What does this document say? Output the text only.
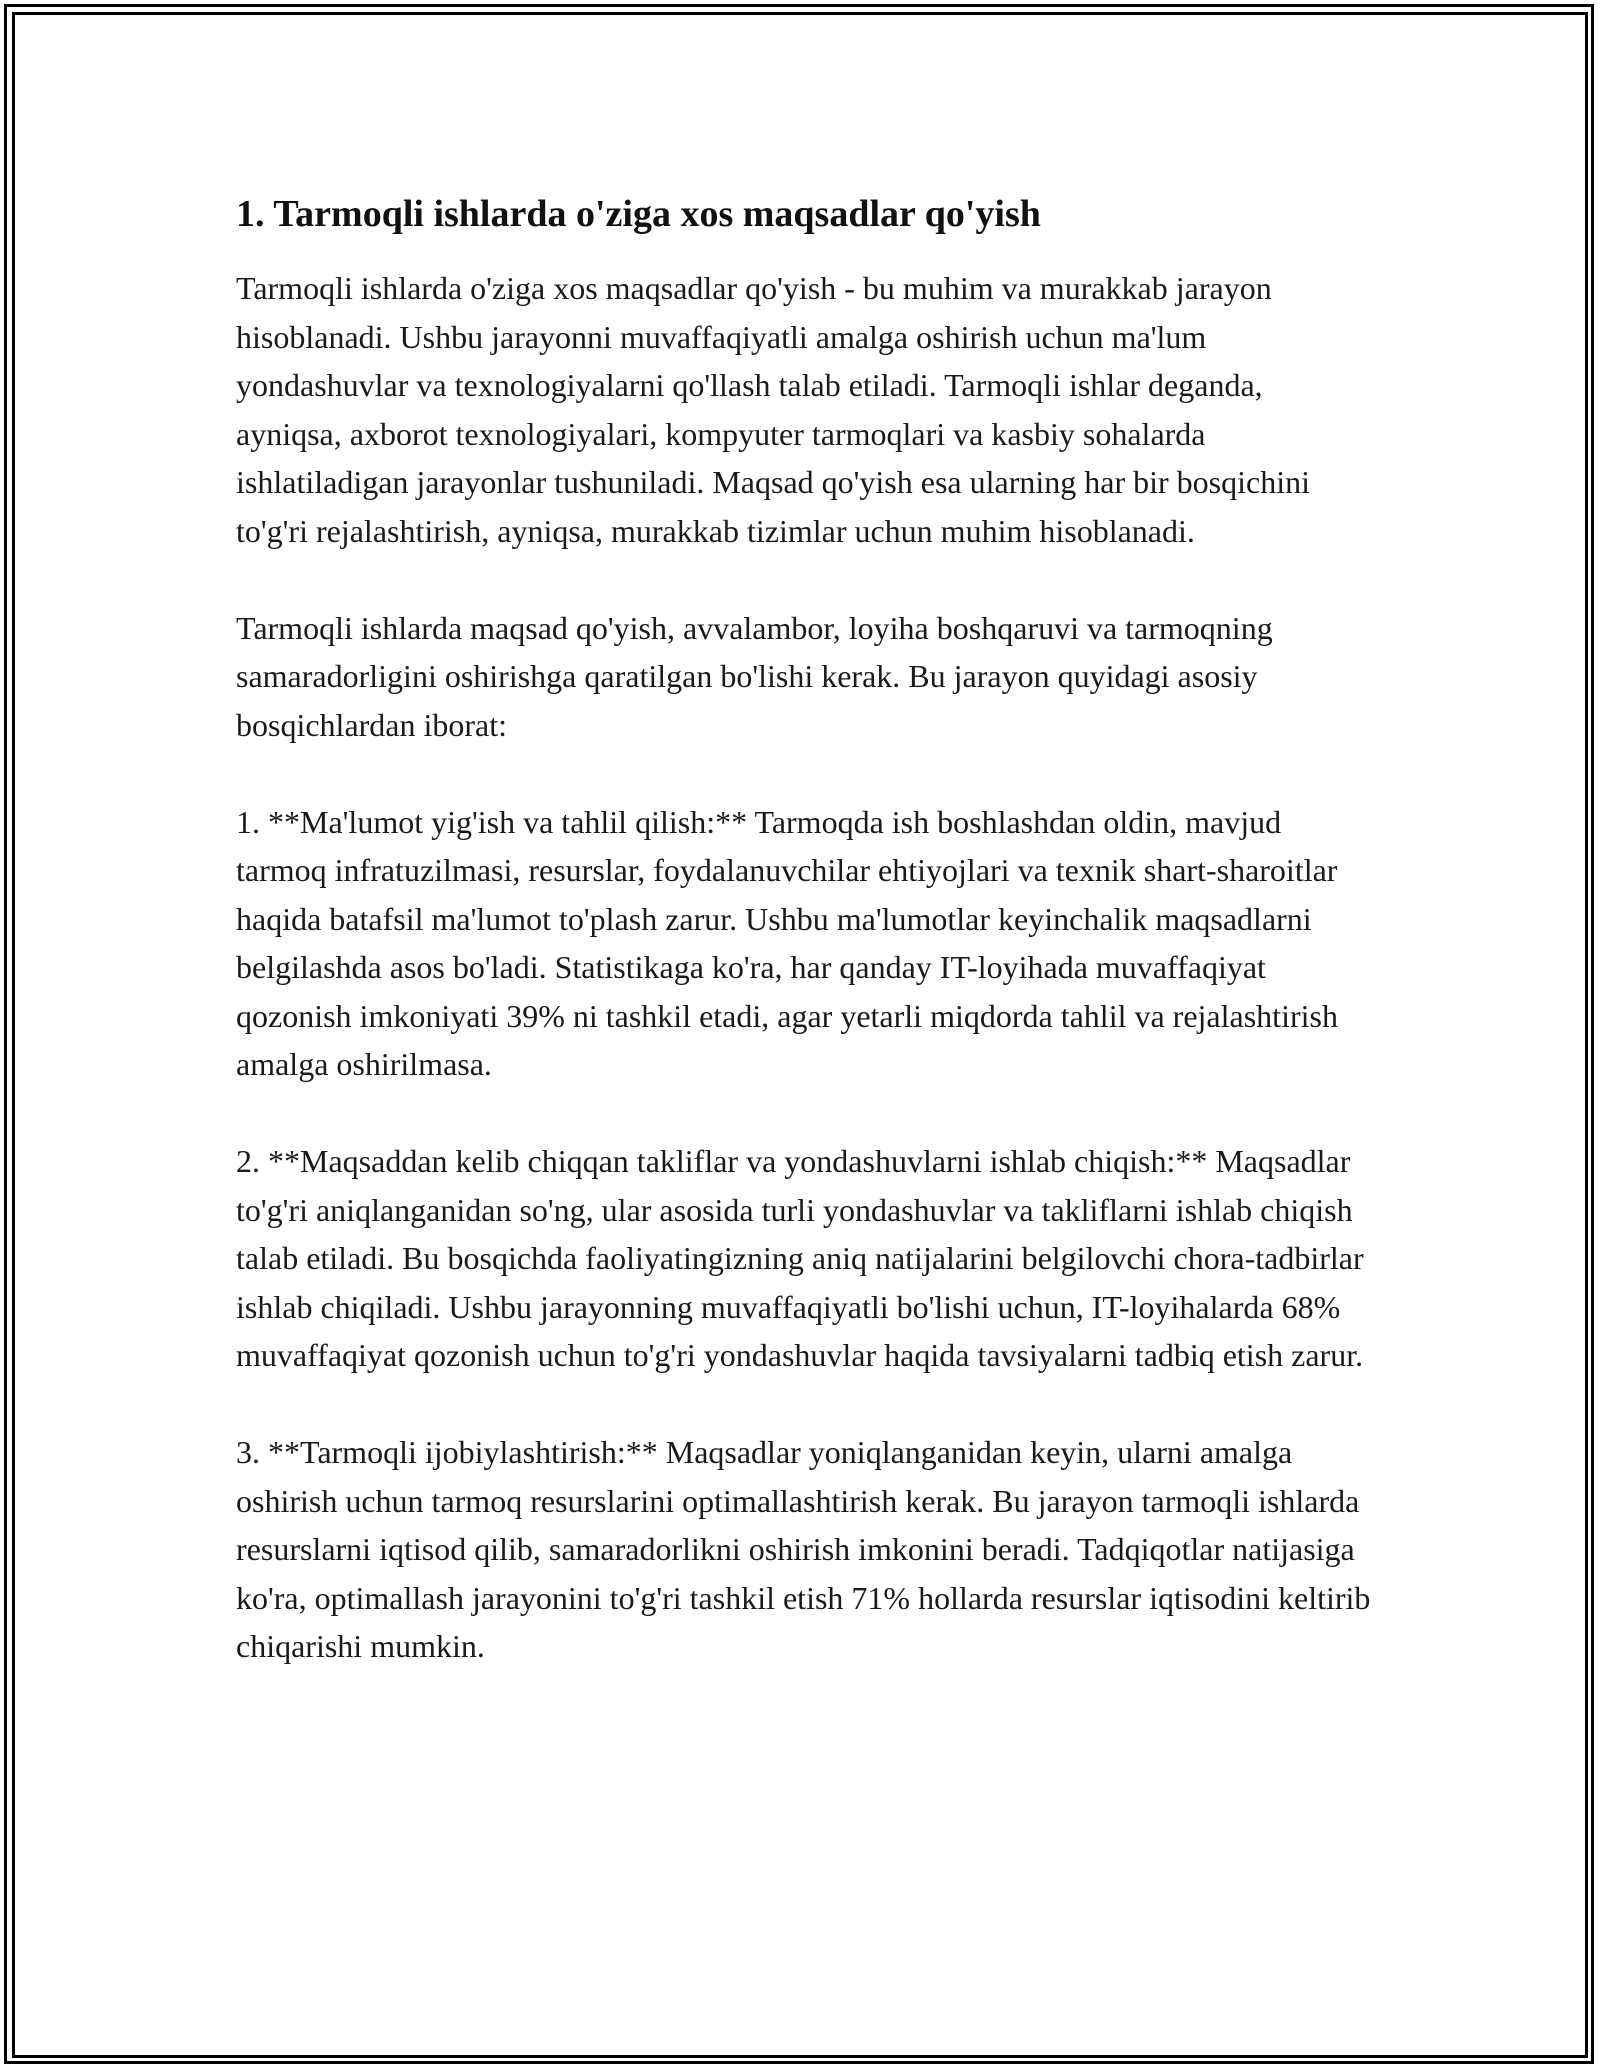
1. Tarmoqli ishlarda o'ziga xos maqsadlar qo'yish

Tarmoqli ishlarda o'ziga xos maqsadlar qo'yish - bu muhim va murakkab jarayon hisoblanadi. Ushbu jarayonni muvaffaqiyatli amalga oshirish uchun ma'lum yondashuvlar va texnologiyalarni qo'llash talab etiladi. Tarmoqli ishlar deganda, ayniqsa, axborot texnologiyalari, kompyuter tarmoqlari va kasbiy sohalarda ishlatiladigan jarayonlar tushuniladi. Maqsad qo'yish esa ularning har bir bosqichini to'g'ri rejalashtirish, ayniqsa, murakkab tizimlar uchun muhim hisoblanadi.

Tarmoqli ishlarda maqsad qo'yish, avvalambor, loyiha boshqaruvi va tarmoqning samaradorligini oshirishga qaratilgan bo'lishi kerak. Bu jarayon quyidagi asosiy bosqichlardan iborat:

1. **Ma'lumot yig'ish va tahlil qilish:** Tarmoqda ish boshlashdan oldin, mavjud tarmoq infratuzilmasi, resurslar, foydalanuvchilar ehtiyojlari va texnik shart-sharoitlar haqida batafsil ma'lumot to'plash zarur. Ushbu ma'lumotlar keyinchalik maqsadlarni belgilashda asos bo'ladi. Statistikaga ko'ra, har qanday IT-loyihada muvaffaqiyat qozonish imkoniyati 39% ni tashkil etadi, agar yetarli miqdorda tahlil va rejalashtirish amalga oshirilmasa.

2. **Maqsaddan kelib chiqqan takliflar va yondashuvlarni ishlab chiqish:** Maqsadlar to'g'ri aniqlanganidan so'ng, ular asosida turli yondashuvlar va takliflarni ishlab chiqish talab etiladi. Bu bosqichda faoliyatingizning aniq natijalarini belgilovchi chora-tadbirlar ishlab chiqiladi. Ushbu jarayonning muvaffaqiyatli bo'lishi uchun, IT-loyihalarda 68% muvaffaqiyat qozonish uchun to'g'ri yondashuvlar haqida tavsiyalarni tadbiq etish zarur.

3. **Tarmoqli ijobiylashtirish:** Maqsadlar yoniqlanganidan keyin, ularni amalga oshirish uchun tarmoq resurslarini optimallashtirish kerak. Bu jarayon tarmoqli ishlarda resurslarni iqtisod qilib, samaradorlikni oshirish imkonini beradi. Tadqiqotlar natijasiga ko'ra, optimallash jarayonini to'g'ri tashkil etish 71% hollarda resurslar iqtisodini keltirib chiqarishi mumkin.
